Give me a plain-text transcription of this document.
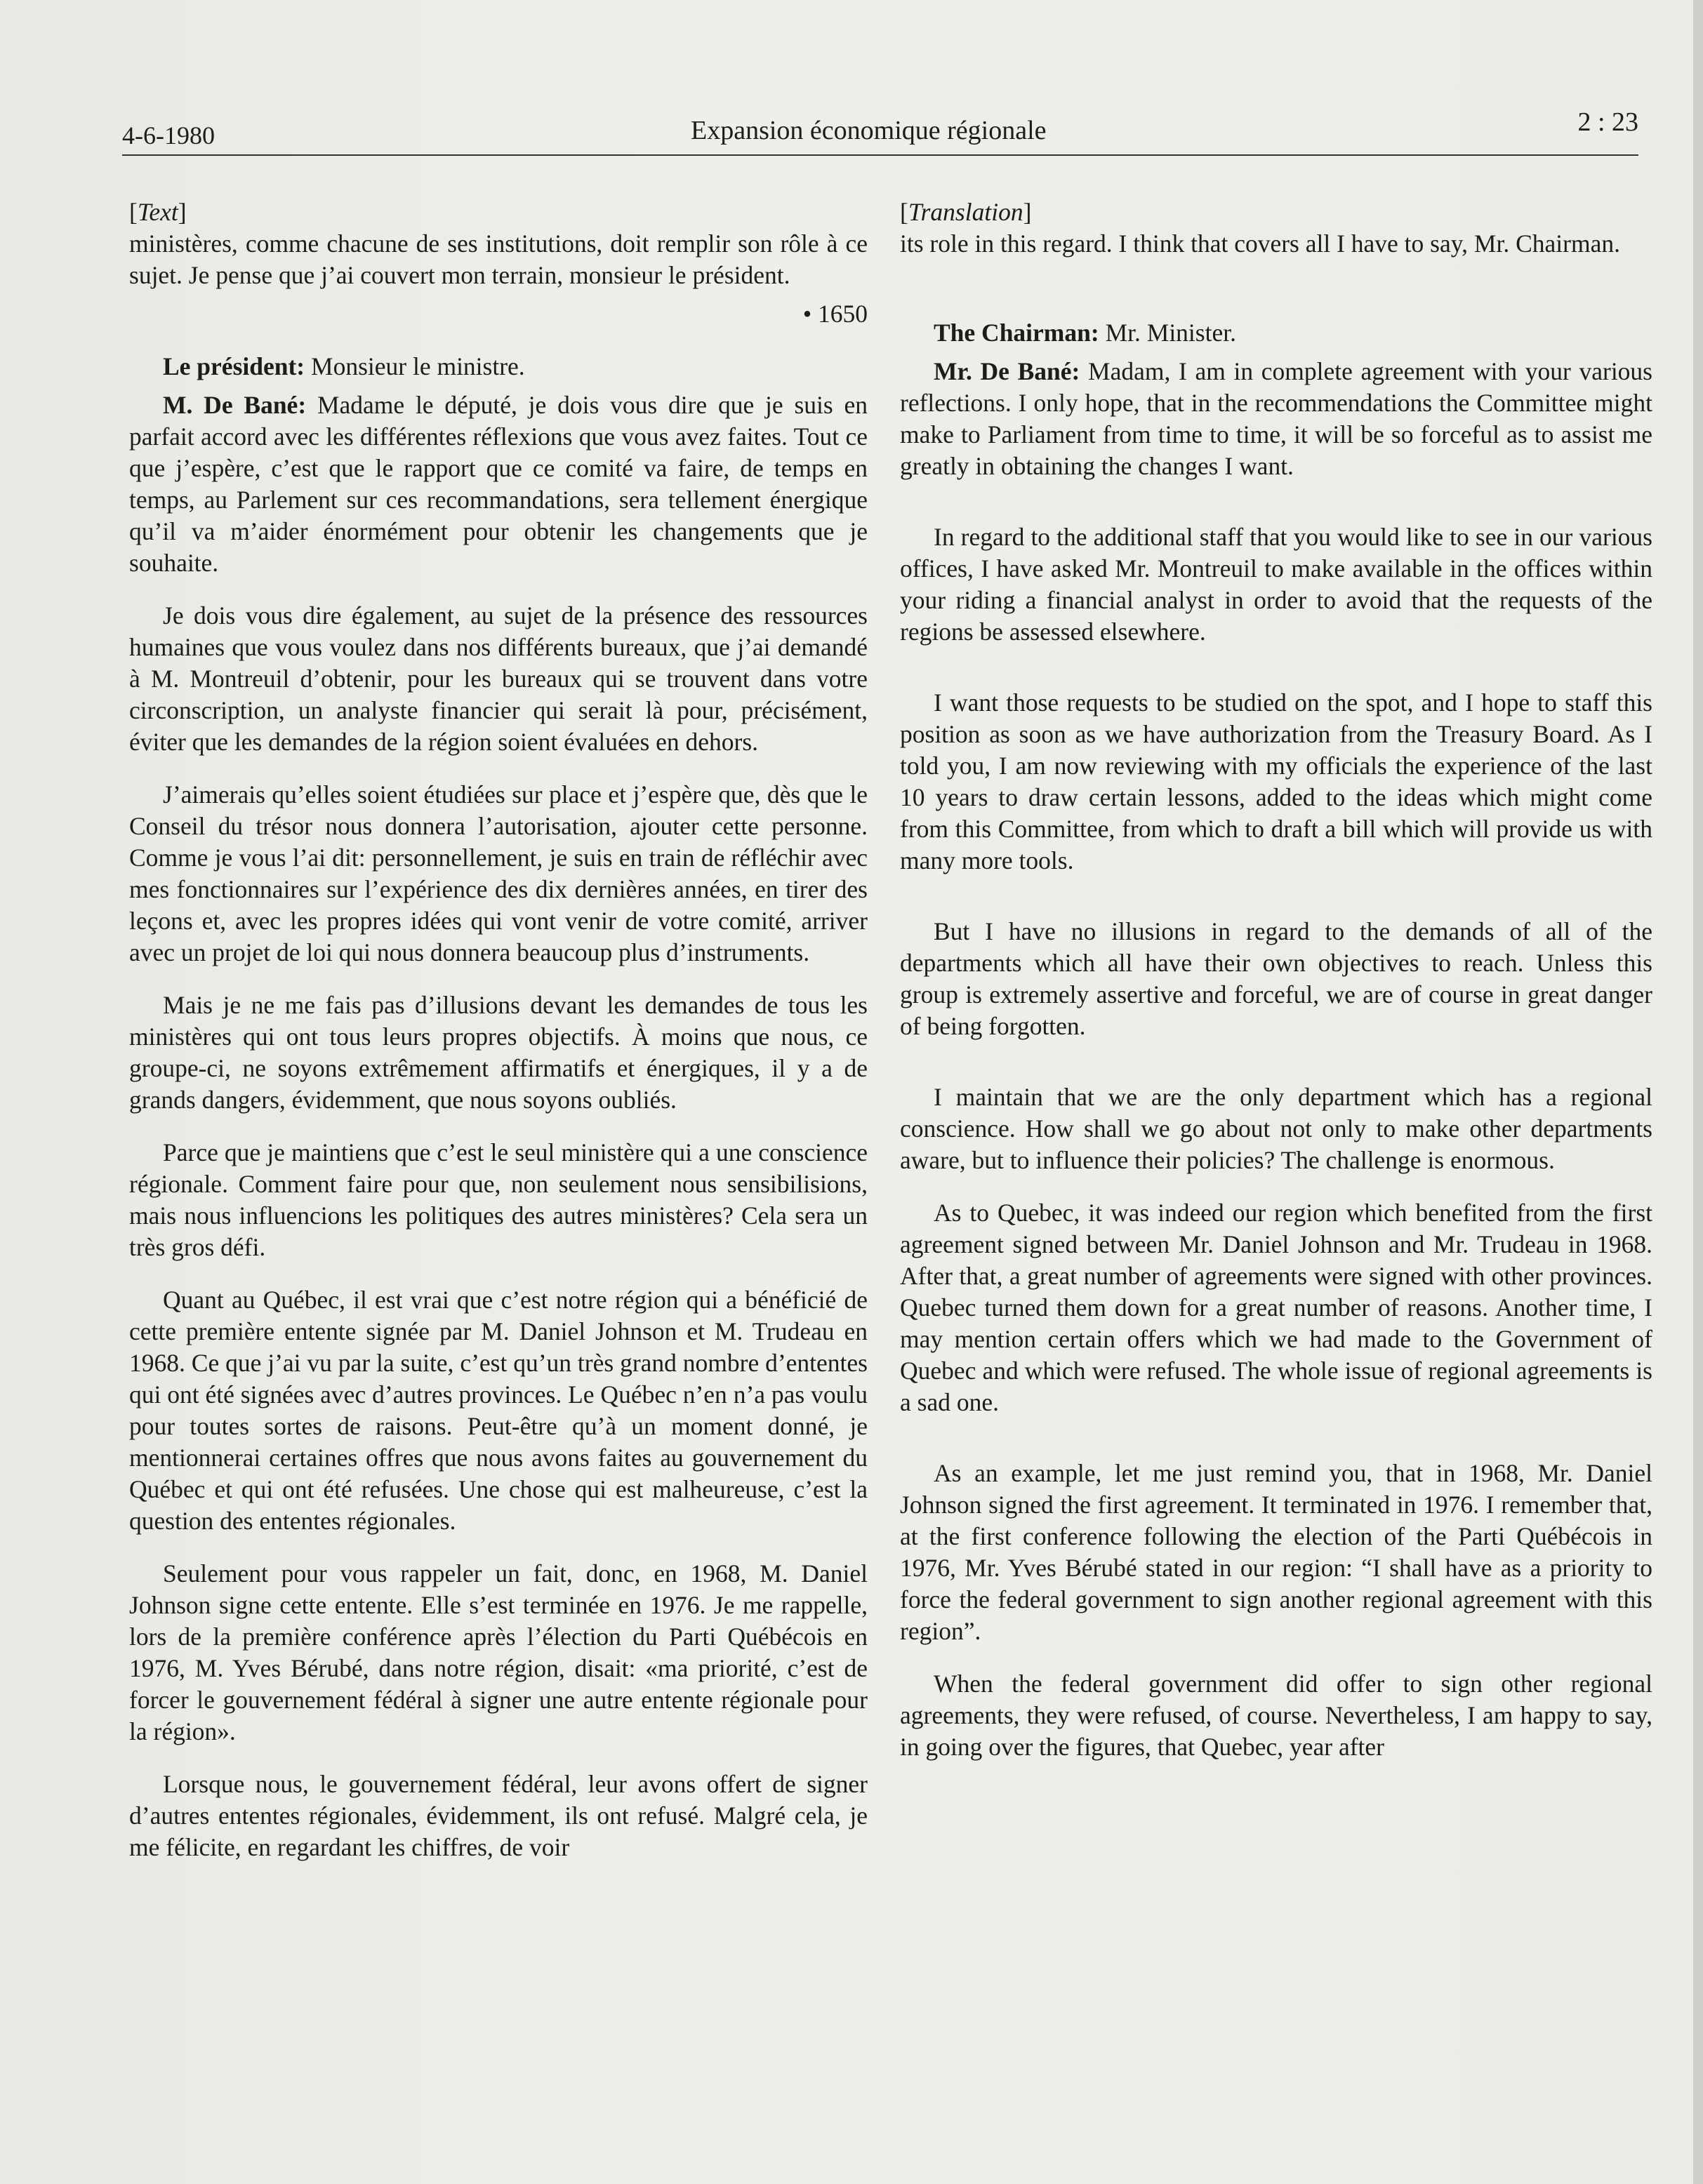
4-6-1980	Expansion économique régionale	2 : 23

[Text]

ministères, comme chacune de ses institutions, doit remplir son rôle à ce sujet. Je pense que j’ai couvert mon terrain, monsieur le président.

• 1650

Le président: Monsieur le ministre.

M. De Bané: Madame le député, je dois vous dire que je suis en parfait accord avec les différentes réflexions que vous avez faites. Tout ce que j’espère, c’est que le rapport que ce comité va faire, de temps en temps, au Parlement sur ces recommandations, sera tellement énergique qu’il va m’aider énormément pour obtenir les changements que je souhaite.

Je dois vous dire également, au sujet de la présence des ressources humaines que vous voulez dans nos différents bureaux, que j’ai demandé à M. Montreuil d’obtenir, pour les bureaux qui se trouvent dans votre circonscription, un analyste financier qui serait là pour, précisément, éviter que les demandes de la région soient évaluées en dehors.

J’aimerais qu’elles soient étudiées sur place et j’espère que, dès que le Conseil du trésor nous donnera l’autorisation, ajouter cette personne. Comme je vous l’ai dit: personnellement, je suis en train de réfléchir avec mes fonctionnaires sur l’expérience des dix dernières années, en tirer des leçons et, avec les propres idées qui vont venir de votre comité, arriver avec un projet de loi qui nous donnera beaucoup plus d’instruments.

Mais je ne me fais pas d’illusions devant les demandes de tous les ministères qui ont tous leurs propres objectifs. À moins que nous, ce groupe-ci, ne soyons extrêmement affirmatifs et énergiques, il y a de grands dangers, évidemment, que nous soyons oubliés.

Parce que je maintiens que c’est le seul ministère qui a une conscience régionale. Comment faire pour que, non seulement nous sensibilisions, mais nous influencions les politiques des autres ministères? Cela sera un très gros défi.

Quant au Québec, il est vrai que c’est notre région qui a bénéficié de cette première entente signée par M. Daniel Johnson et M. Trudeau en 1968. Ce que j’ai vu par la suite, c’est qu’un très grand nombre d’ententes qui ont été signées avec d’autres provinces. Le Québec n’en n’a pas voulu pour toutes sortes de raisons. Peut-être qu’à un moment donné, je mentionnerai certaines offres que nous avons faites au gouvernement du Québec et qui ont été refusées. Une chose qui est malheureuse, c’est la question des ententes régionales.

Seulement pour vous rappeler un fait, donc, en 1968, M. Daniel Johnson signe cette entente. Elle s’est terminée en 1976. Je me rappelle, lors de la première conférence après l’élection du Parti Québécois en 1976, M. Yves Bérubé, dans notre région, disait: «ma priorité, c’est de forcer le gouvernement fédéral à signer une autre entente régionale pour la région».

Lorsque nous, le gouvernement fédéral, leur avons offert de signer d’autres ententes régionales, évidemment, ils ont refusé. Malgré cela, je me félicite, en regardant les chiffres, de voir

[Translation]

its role in this regard. I think that covers all I have to say, Mr. Chairman.

The Chairman: Mr. Minister.

Mr. De Bané: Madam, I am in complete agreement with your various reflections. I only hope, that in the recommendations the Committee might make to Parliament from time to time, it will be so forceful as to assist me greatly in obtaining the changes I want.

In regard to the additional staff that you would like to see in our various offices, I have asked Mr. Montreuil to make available in the offices within your riding a financial analyst in order to avoid that the requests of the regions be assessed elsewhere.

I want those requests to be studied on the spot, and I hope to staff this position as soon as we have authorization from the Treasury Board. As I told you, I am now reviewing with my officials the experience of the last 10 years to draw certain lessons, added to the ideas which might come from this Committee, from which to draft a bill which will provide us with many more tools.

But I have no illusions in regard to the demands of all of the departments which all have their own objectives to reach. Unless this group is extremely assertive and forceful, we are of course in great danger of being forgotten.

I maintain that we are the only department which has a regional conscience. How shall we go about not only to make other departments aware, but to influence their policies? The challenge is enormous.

As to Quebec, it was indeed our region which benefited from the first agreement signed between Mr. Daniel Johnson and Mr. Trudeau in 1968. After that, a great number of agreements were signed with other provinces. Quebec turned them down for a great number of reasons. Another time, I may mention certain offers which we had made to the Government of Quebec and which were refused. The whole issue of regional agreements is a sad one.

As an example, let me just remind you, that in 1968, Mr. Daniel Johnson signed the first agreement. It terminated in 1976. I remember that, at the first conference following the election of the Parti Québécois in 1976, Mr. Yves Bérubé stated in our region: “I shall have as a priority to force the federal government to sign another regional agreement with this region”.

When the federal government did offer to sign other regional agreements, they were refused, of course. Nevertheless, I am happy to say, in going over the figures, that Quebec, year after
